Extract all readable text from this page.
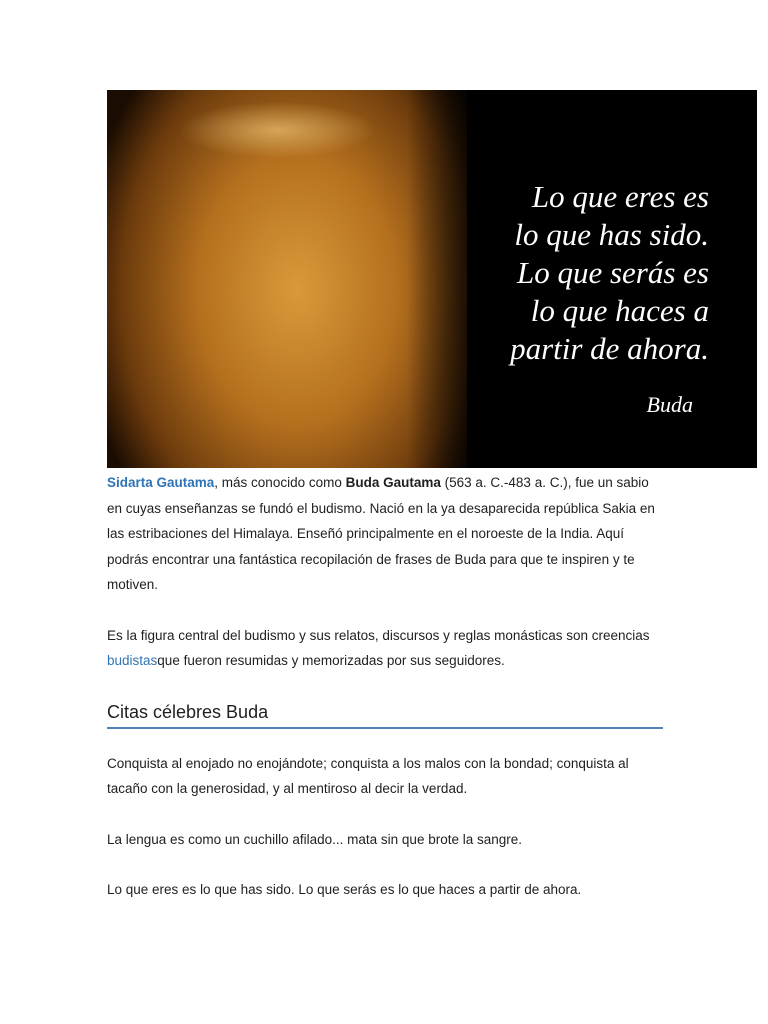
Lo que eres es
lo que has sido.
Lo que serás es
lo que haces a
partir de ahora.
Buda

Sidarta Gautama, más conocido como Buda Gautama (563 a. C.-483 a. C.), fue un sabio en cuyas enseñanzas se fundó el budismo. Nació en la ya desaparecida república Sakia en las estribaciones del Himalaya. Enseñó principalmente en el noroeste de la India. Aquí podrás encontrar una fantástica recopilación de frases de Buda para que te inspiren y te motiven.

Es la figura central del budismo y sus relatos, discursos y reglas monásticas son creencias budistasque fueron resumidas y memorizadas por sus seguidores.

Citas célebres Buda

Conquista al enojado no enojándote; conquista a los malos con la bondad; conquista al tacaño con la generosidad, y al mentiroso al decir la verdad.

La lengua es como un cuchillo afilado... mata sin que brote la sangre.

Lo que eres es lo que has sido. Lo que serás es lo que haces a partir de ahora.
